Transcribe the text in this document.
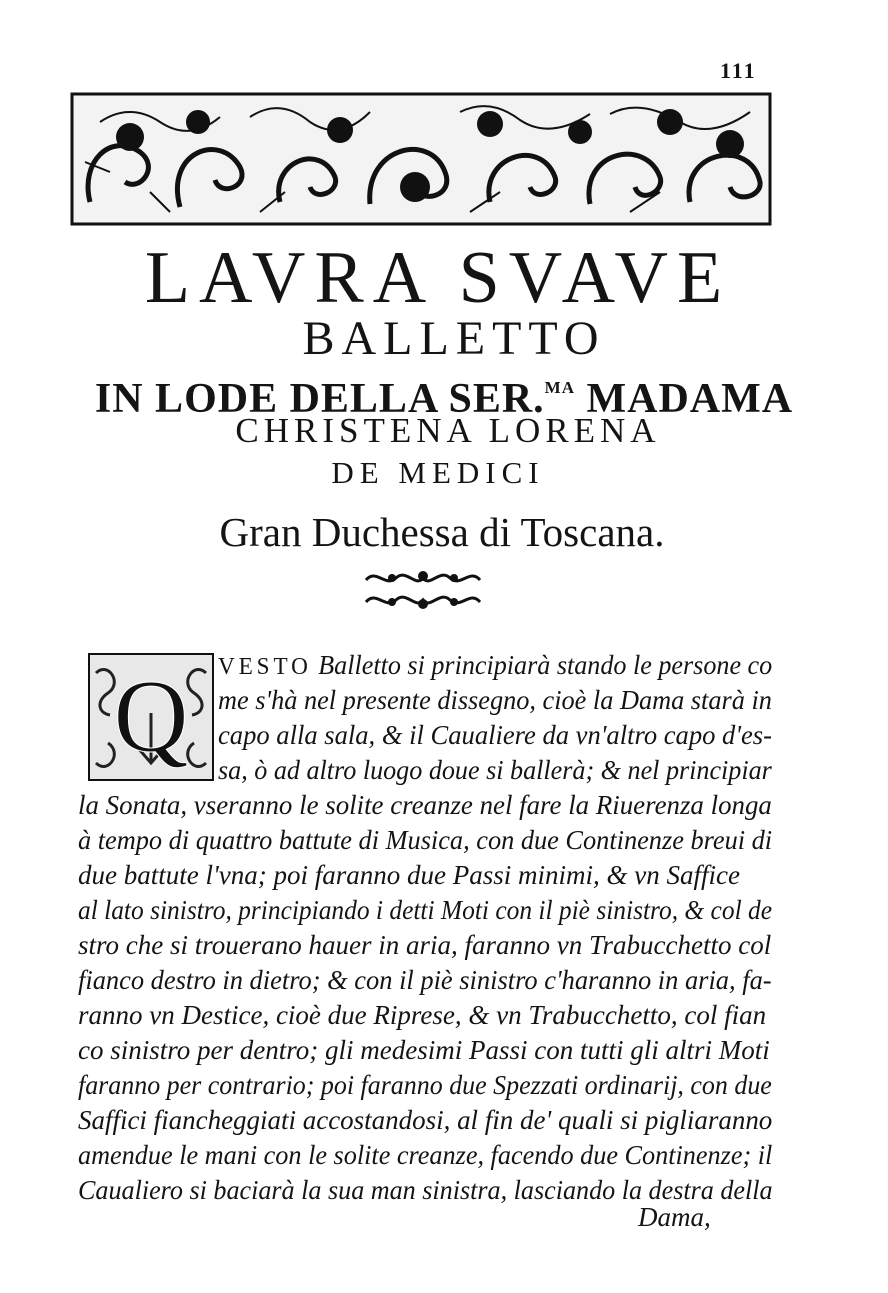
111
LAVRA SVAVE
BALLETTO
IN LODE DELLA SER.$^{MA}$ MADAMA
CHRISTENA LORENA
DE MEDICI
Gran Duchessa di Toscana.
Q VESTO Balletto si principiarà stando le persone co
me s'hà nel presente dissegno, cioè la Dama starà in
capo alla sala, & il Caualiere da vn'altro capo d'es-
sa, ò ad altro luogo doue si ballerà; & nel principiar
la Sonata, vseranno le solite creanze nel fare la Riuerenza longa
à tempo di quattro battute di Musica, con due Continenze breui di
due battute l'vna; poi faranno due Passi minimi, & vn Saffice
al lato sinistro, principiando i detti Moti con il piè sinistro, & col de
stro che si trouerano hauer in aria, faranno vn Trabucchetto col
fianco destro in dietro; & con il piè sinistro c'haranno in aria, fa-
ranno vn Destice, cioè due Riprese, & vn Trabucchetto, col fian
co sinistro per dentro; gli medesimi Passi con tutti gli altri Moti
faranno per contrario; poi faranno due Spezzati ordinarij, con due
Saffici fiancheggiati accostandosi, al fin de' quali si pigliaranno
amendue le mani con le solite creanze, facendo due Continenze; il
Caualiero si baciarà la sua man sinistra, lasciando la destra della
Dama,
